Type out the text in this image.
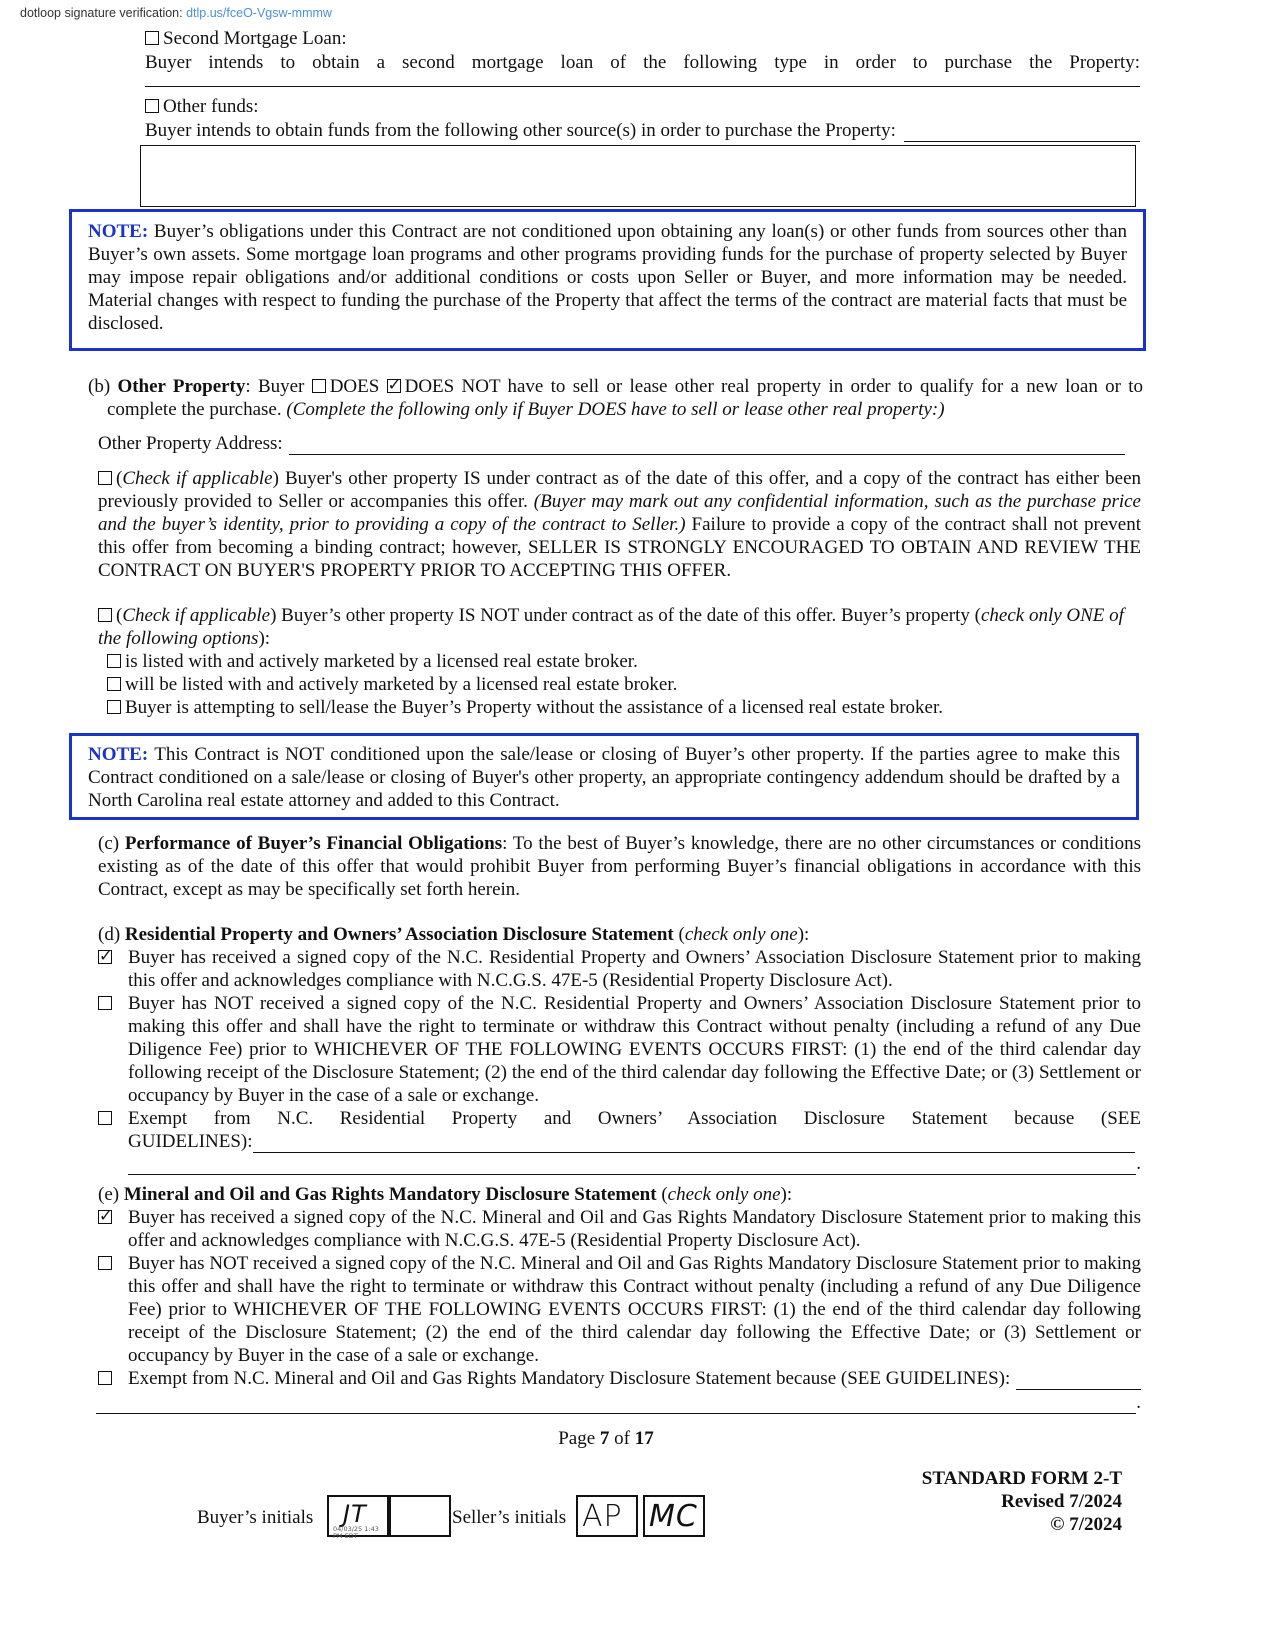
dotloop signature verification: dtlp.us/fceO-Vgsw-mmmw
Second Mortgage Loan:
Buyer intends to obtain a second mortgage loan of the following type in order to purchase the Property:
Other funds:
Buyer intends to obtain funds from the following other source(s) in order to purchase the Property:
NOTE: Buyer’s obligations under this Contract are not conditioned upon obtaining any loan(s) or other funds from sources other than Buyer’s own assets. Some mortgage loan programs and other programs providing funds for the purchase of property selected by Buyer may impose repair obligations and/or additional conditions or costs upon Seller or Buyer, and more information may be needed. Material changes with respect to funding the purchase of the Property that affect the terms of the contract are material facts that must be disclosed.
(b) Other Property: Buyer DOES ✓ DOES NOT have to sell or lease other real property in order to qualify for a new loan or to
complete the purchase. (Complete the following only if Buyer DOES have to sell or lease other real property:)
Other Property Address:
(Check if applicable) Buyer's other property IS under contract as of the date of this offer, and a copy of the contract has either been previously provided to Seller or accompanies this offer. (Buyer may mark out any confidential information, such as the purchase price and the buyer’s identity, prior to providing a copy of the contract to Seller.) Failure to provide a copy of the contract shall not prevent this offer from becoming a binding contract; however, SELLER IS STRONGLY ENCOURAGED TO OBTAIN AND REVIEW THE CONTRACT ON BUYER'S PROPERTY PRIOR TO ACCEPTING THIS OFFER.
(Check if applicable) Buyer’s other property IS NOT under contract as of the date of this offer. Buyer’s property (check only ONE of the following options):
is listed with and actively marketed by a licensed real estate broker.
will be listed with and actively marketed by a licensed real estate broker.
Buyer is attempting to sell/lease the Buyer’s Property without the assistance of a licensed real estate broker.
NOTE: This Contract is NOT conditioned upon the sale/lease or closing of Buyer’s other property. If the parties agree to make this Contract conditioned on a sale/lease or closing of Buyer's other property, an appropriate contingency addendum should be drafted by a North Carolina real estate attorney and added to this Contract.
(c) Performance of Buyer’s Financial Obligations: To the best of Buyer’s knowledge, there are no other circumstances or conditions existing as of the date of this offer that would prohibit Buyer from performing Buyer’s financial obligations in accordance with this Contract, except as may be specifically set forth herein.
(d) Residential Property and Owners’ Association Disclosure Statement (check only one):
✓
Buyer has received a signed copy of the N.C. Residential Property and Owners’ Association Disclosure Statement prior to making this offer and acknowledges compliance with N.C.G.S. 47E-5 (Residential Property Disclosure Act).
Buyer has NOT received a signed copy of the N.C. Residential Property and Owners’ Association Disclosure Statement prior to making this offer and shall have the right to terminate or withdraw this Contract without penalty (including a refund of any Due Diligence Fee) prior to WHICHEVER OF THE FOLLOWING EVENTS OCCURS FIRST: (1) the end of the third calendar day following receipt of the Disclosure Statement; (2) the end of the third calendar day following the Effective Date; or (3) Settlement or occupancy by Buyer in the case of a sale or exchange.
Exempt from N.C. Residential Property and Owners’ Association Disclosure Statement because (SEE
GUIDELINES):
.
(e) Mineral and Oil and Gas Rights Mandatory Disclosure Statement (check only one):
✓
Buyer has received a signed copy of the N.C. Mineral and Oil and Gas Rights Mandatory Disclosure Statement prior to making this offer and acknowledges compliance with N.C.G.S. 47E-5 (Residential Property Disclosure Act).
Buyer has NOT received a signed copy of the N.C. Mineral and Oil and Gas Rights Mandatory Disclosure Statement prior to making this offer and shall have the right to terminate or withdraw this Contract without penalty (including a refund of any Due Diligence Fee) prior to WHICHEVER OF THE FOLLOWING EVENTS OCCURS FIRST: (1) the end of the third calendar day following receipt of the Disclosure Statement; (2) the end of the third calendar day following the Effective Date; or (3) Settlement or occupancy by Buyer in the case of a sale or exchange.
Exempt from N.C. Mineral and Oil and Gas Rights Mandatory Disclosure Statement because (SEE GUIDELINES):
.
Page 7 of 17
STANDARD FORM 2-T
Revised 7/2024
© 7/2024
Buyer’s initials JT
04/03/25 1:43 PM EDT
Seller’s initials AP MC
